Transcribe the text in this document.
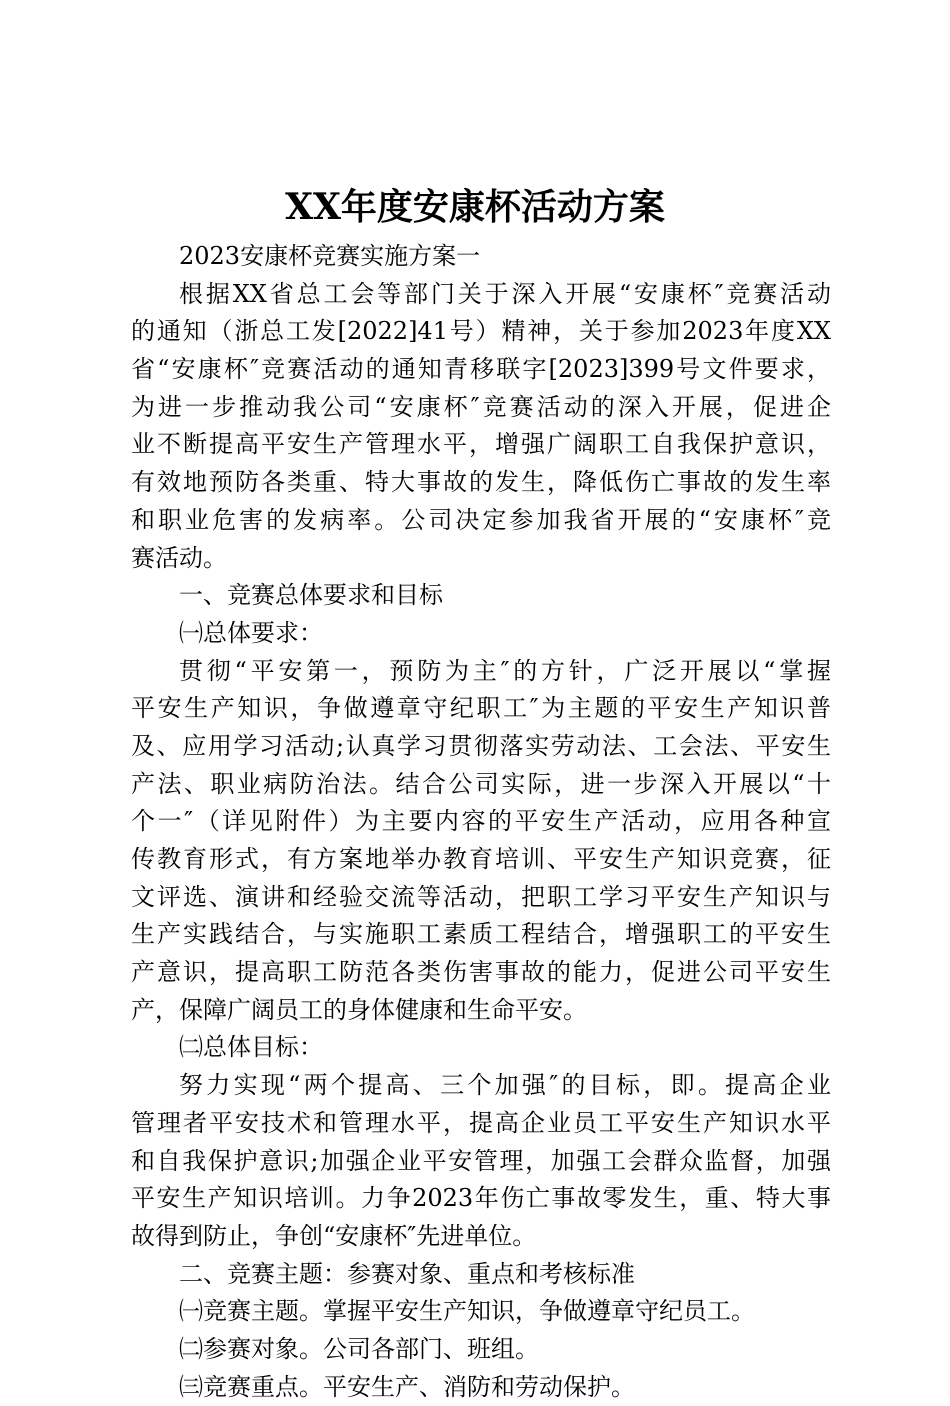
XX年度安康杯活动方案
2023安康杯竞赛实施方案一
根据XX省总工会等部门关于深入开展“安康杯″竞赛活动
的通知（浙总工发[2022]41号）精神，关于参加2023年度XX
省“安康杯″竞赛活动的通知青移联字[2023]399号文件要求，
为进一步推动我公司“安康杯″竞赛活动的深入开展，促进企
业不断提高平安生产管理水平，增强广阔职工自我保护意识，
有效地预防各类重、特大事故的发生，降低伤亡事故的发生率
和职业危害的发病率。公司决定参加我省开展的“安康杯″竞
赛活动。
一、竞赛总体要求和目标
㈠总体要求：
贯彻“平安第一，预防为主″的方针，广泛开展以“掌握
平安生产知识，争做遵章守纪职工″为主题的平安生产知识普
及、应用学习活动;认真学习贯彻落实劳动法、工会法、平安生
产法、职业病防治法。结合公司实际，进一步深入开展以“十
个一″（详见附件）为主要内容的平安生产活动，应用各种宣
传教育形式，有方案地举办教育培训、平安生产知识竞赛，征
文评选、演讲和经验交流等活动，把职工学习平安生产知识与
生产实践结合，与实施职工素质工程结合，增强职工的平安生
产意识，提高职工防范各类伤害事故的能力，促进公司平安生
产，保障广阔员工的身体健康和生命平安。
㈡总体目标：
努力实现“两个提高、三个加强″的目标，即。提高企业
管理者平安技术和管理水平，提高企业员工平安生产知识水平
和自我保护意识;加强企业平安管理，加强工会群众监督，加强
平安生产知识培训。力争2023年伤亡事故零发生，重、特大事
故得到防止，争创“安康杯″先进单位。
二、竞赛主题：参赛对象、重点和考核标准
㈠竞赛主题。掌握平安生产知识，争做遵章守纪员工。
㈡参赛对象。公司各部门、班组。
㈢竞赛重点。平安生产、消防和劳动保护。
